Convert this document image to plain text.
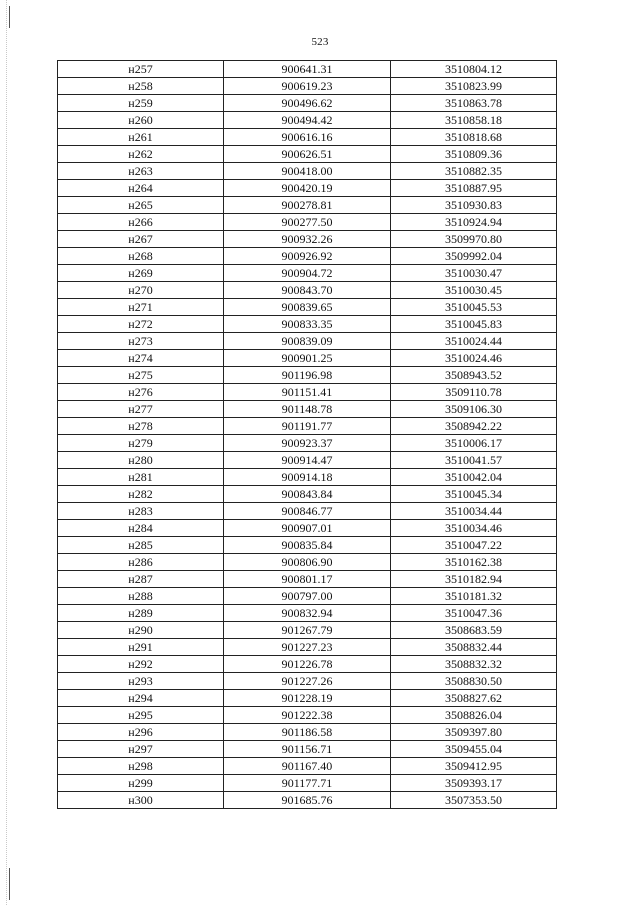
523
н257	900641.31	3510804.12
н258	900619.23	3510823.99
н259	900496.62	3510863.78
н260	900494.42	3510858.18
н261	900616.16	3510818.68
н262	900626.51	3510809.36
н263	900418.00	3510882.35
н264	900420.19	3510887.95
н265	900278.81	3510930.83
н266	900277.50	3510924.94
н267	900932.26	3509970.80
н268	900926.92	3509992.04
н269	900904.72	3510030.47
н270	900843.70	3510030.45
н271	900839.65	3510045.53
н272	900833.35	3510045.83
н273	900839.09	3510024.44
н274	900901.25	3510024.46
н275	901196.98	3508943.52
н276	901151.41	3509110.78
н277	901148.78	3509106.30
н278	901191.77	3508942.22
н279	900923.37	3510006.17
н280	900914.47	3510041.57
н281	900914.18	3510042.04
н282	900843.84	3510045.34
н283	900846.77	3510034.44
н284	900907.01	3510034.46
н285	900835.84	3510047.22
н286	900806.90	3510162.38
н287	900801.17	3510182.94
н288	900797.00	3510181.32
н289	900832.94	3510047.36
н290	901267.79	3508683.59
н291	901227.23	3508832.44
н292	901226.78	3508832.32
н293	901227.26	3508830.50
н294	901228.19	3508827.62
н295	901222.38	3508826.04
н296	901186.58	3509397.80
н297	901156.71	3509455.04
н298	901167.40	3509412.95
н299	901177.71	3509393.17
н300	901685.76	3507353.50
